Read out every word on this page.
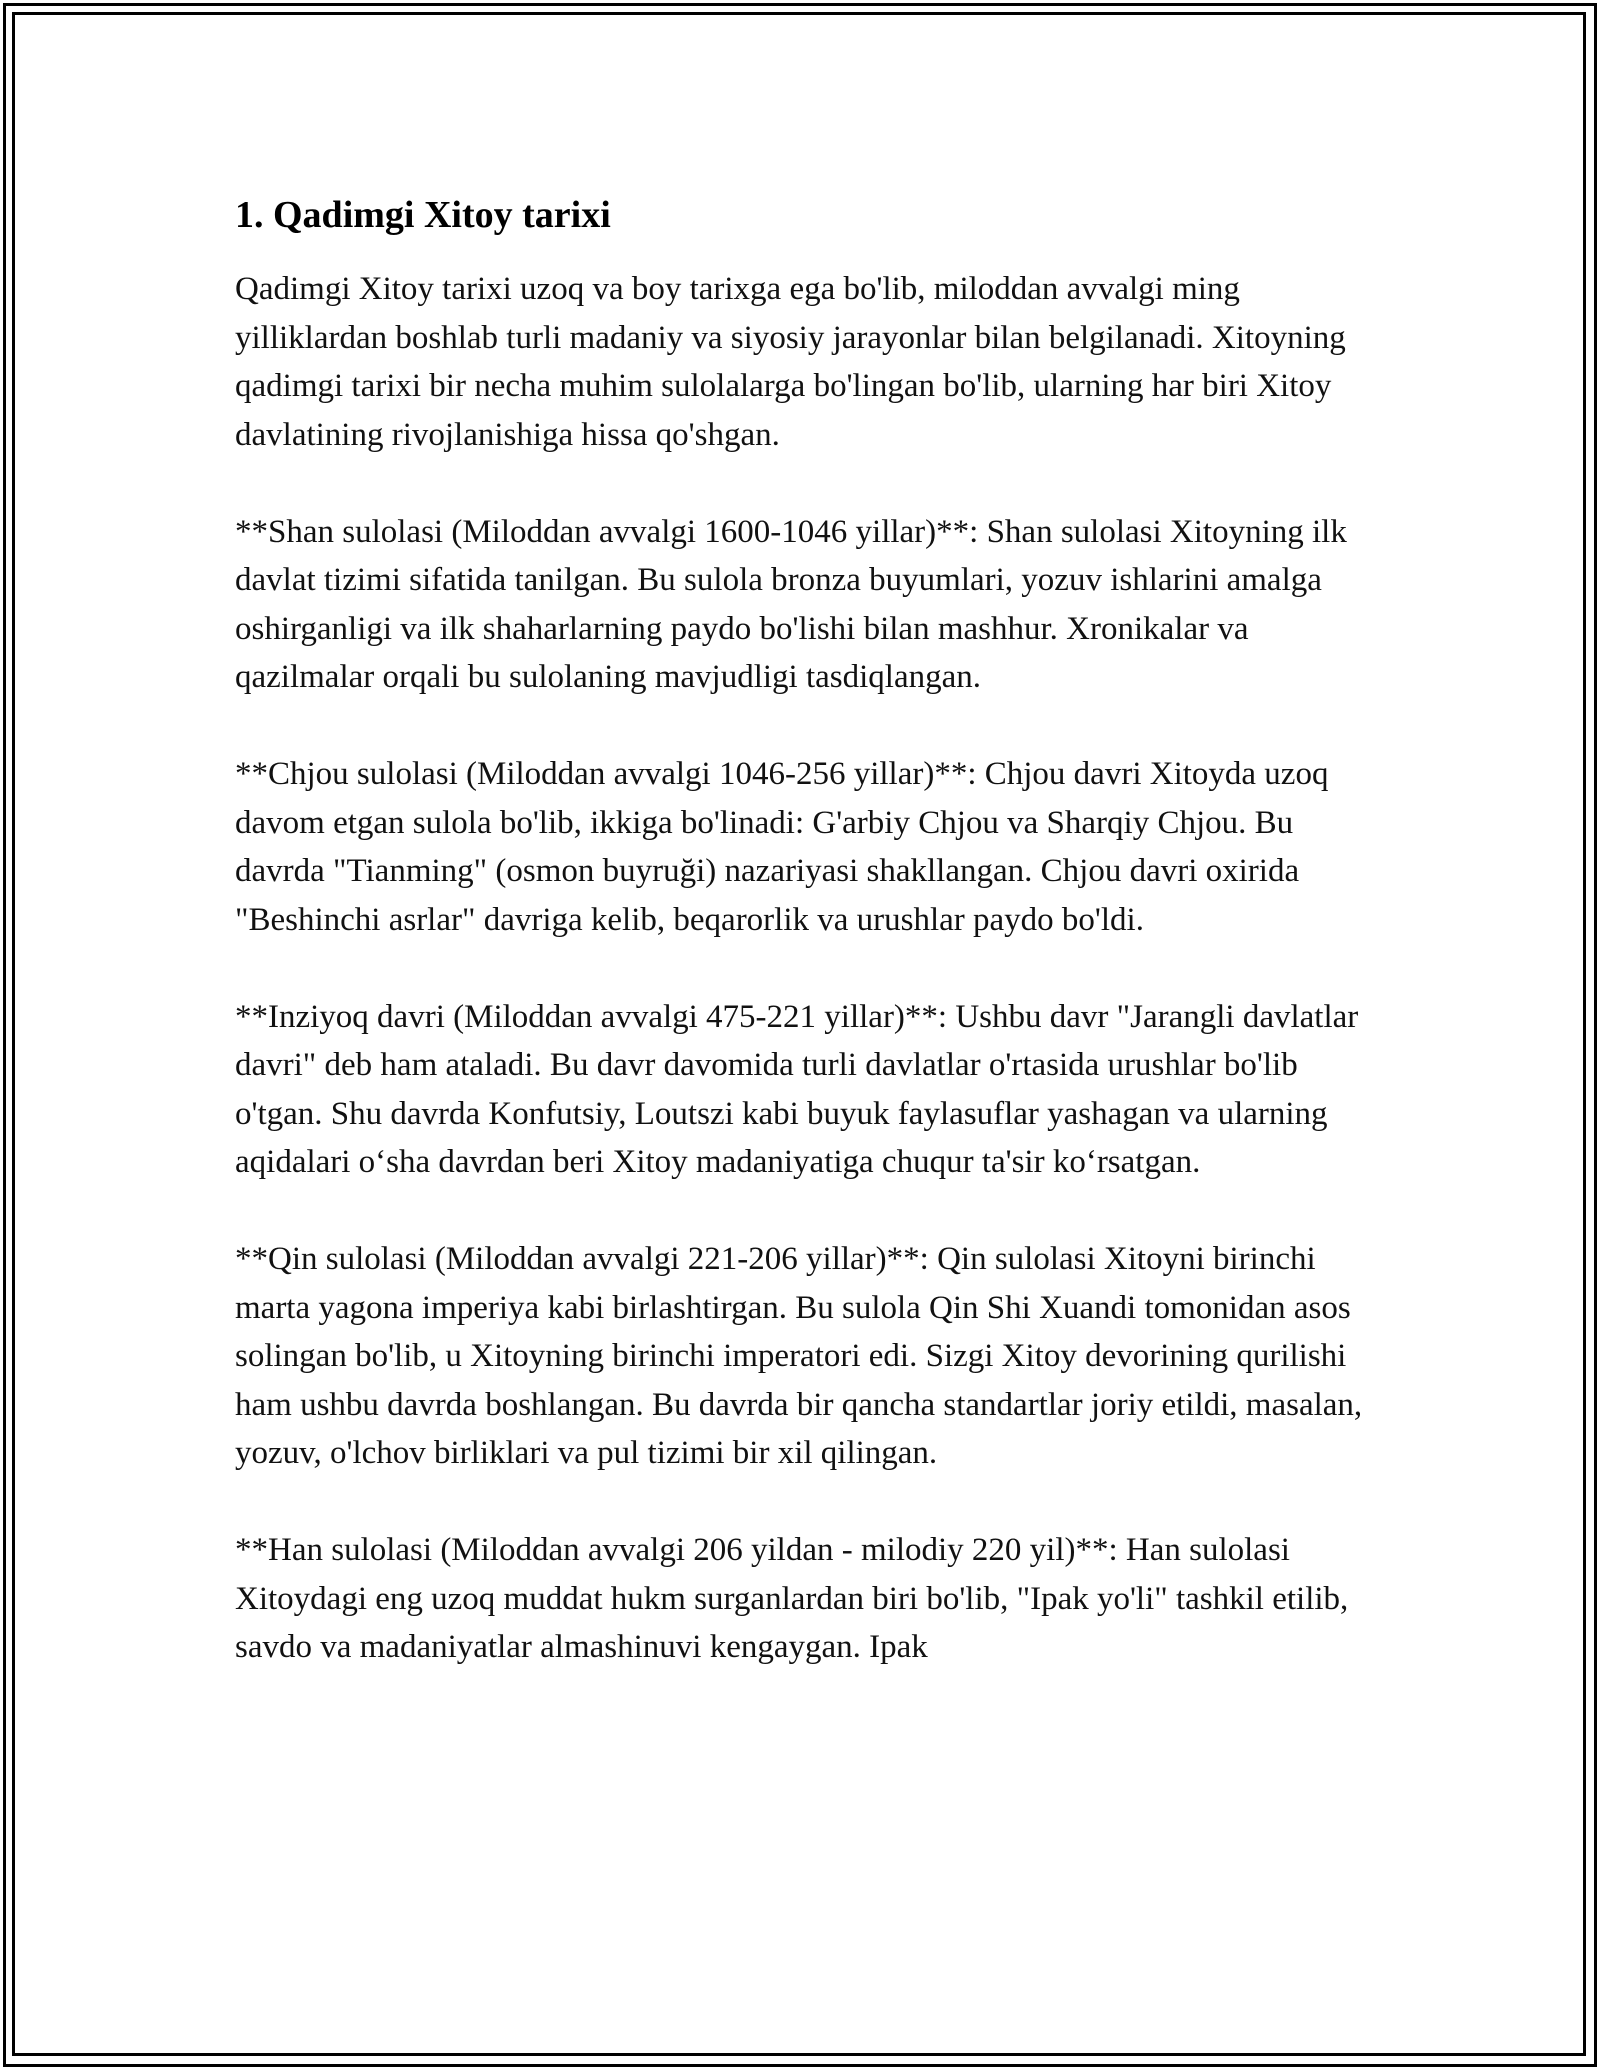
1. Qadimgi Xitoy tarixi

Qadimgi Xitoy tarixi uzoq va boy tarixga ega bo'lib, miloddan avvalgi ming yilliklardan boshlab turli madaniy va siyosiy jarayonlar bilan belgilanadi. Xitoyning qadimgi tarixi bir necha muhim sulolalarga bo'lingan bo'lib, ularning har biri Xitoy davlatining rivojlanishiga hissa qo'shgan.

**Shan sulolasi (Miloddan avvalgi 1600-1046 yillar)**: Shan sulolasi Xitoyning ilk davlat tizimi sifatida tanilgan. Bu sulola bronza buyumlari, yozuv ishlarini amalga oshirganligi va ilk shaharlarning paydo bo'lishi bilan mashhur. Xronikalar va qazilmalar orqali bu sulolaning mavjudligi tasdiqlangan.

**Chjou sulolasi (Miloddan avvalgi 1046-256 yillar)**: Chjou davri Xitoyda uzoq davom etgan sulola bo'lib, ikkiga bo'linadi: G'arbiy Chjou va Sharqiy Chjou. Bu davrda "Tianming" (osmon buyruği) nazariyasi shakllangan. Chjou davri oxirida "Beshinchi asrlar" davriga kelib, beqarorlik va urushlar paydo bo'ldi.

**Inziyoq davri (Miloddan avvalgi 475-221 yillar)**: Ushbu davr "Jarangli davlatlar davri" deb ham ataladi. Bu davr davomida turli davlatlar o'rtasida urushlar bo'lib o'tgan. Shu davrda Konfutsiy, Loutszi kabi buyuk faylasuflar yashagan va ularning aqidalari oʻsha davrdan beri Xitoy madaniyatiga chuqur ta'sir koʻrsatgan.

**Qin sulolasi (Miloddan avvalgi 221-206 yillar)**: Qin sulolasi Xitoyni birinchi marta yagona imperiya kabi birlashtirgan. Bu sulola Qin Shi Xuandi tomonidan asos solingan bo'lib, u Xitoyning birinchi imperatori edi. Sizgi Xitoy devorining qurilishi ham ushbu davrda boshlangan. Bu davrda bir qancha standartlar joriy etildi, masalan, yozuv, o'lchov birliklari va pul tizimi bir xil qilingan.

**Han sulolasi (Miloddan avvalgi 206 yildan - milodiy 220 yil)**: Han sulolasi Xitoydagi eng uzoq muddat hukm surganlardan biri bo'lib, "Ipak yo'li" tashkil etilib, savdo va madaniyatlar almashinuvi kengaygan. Ipak
